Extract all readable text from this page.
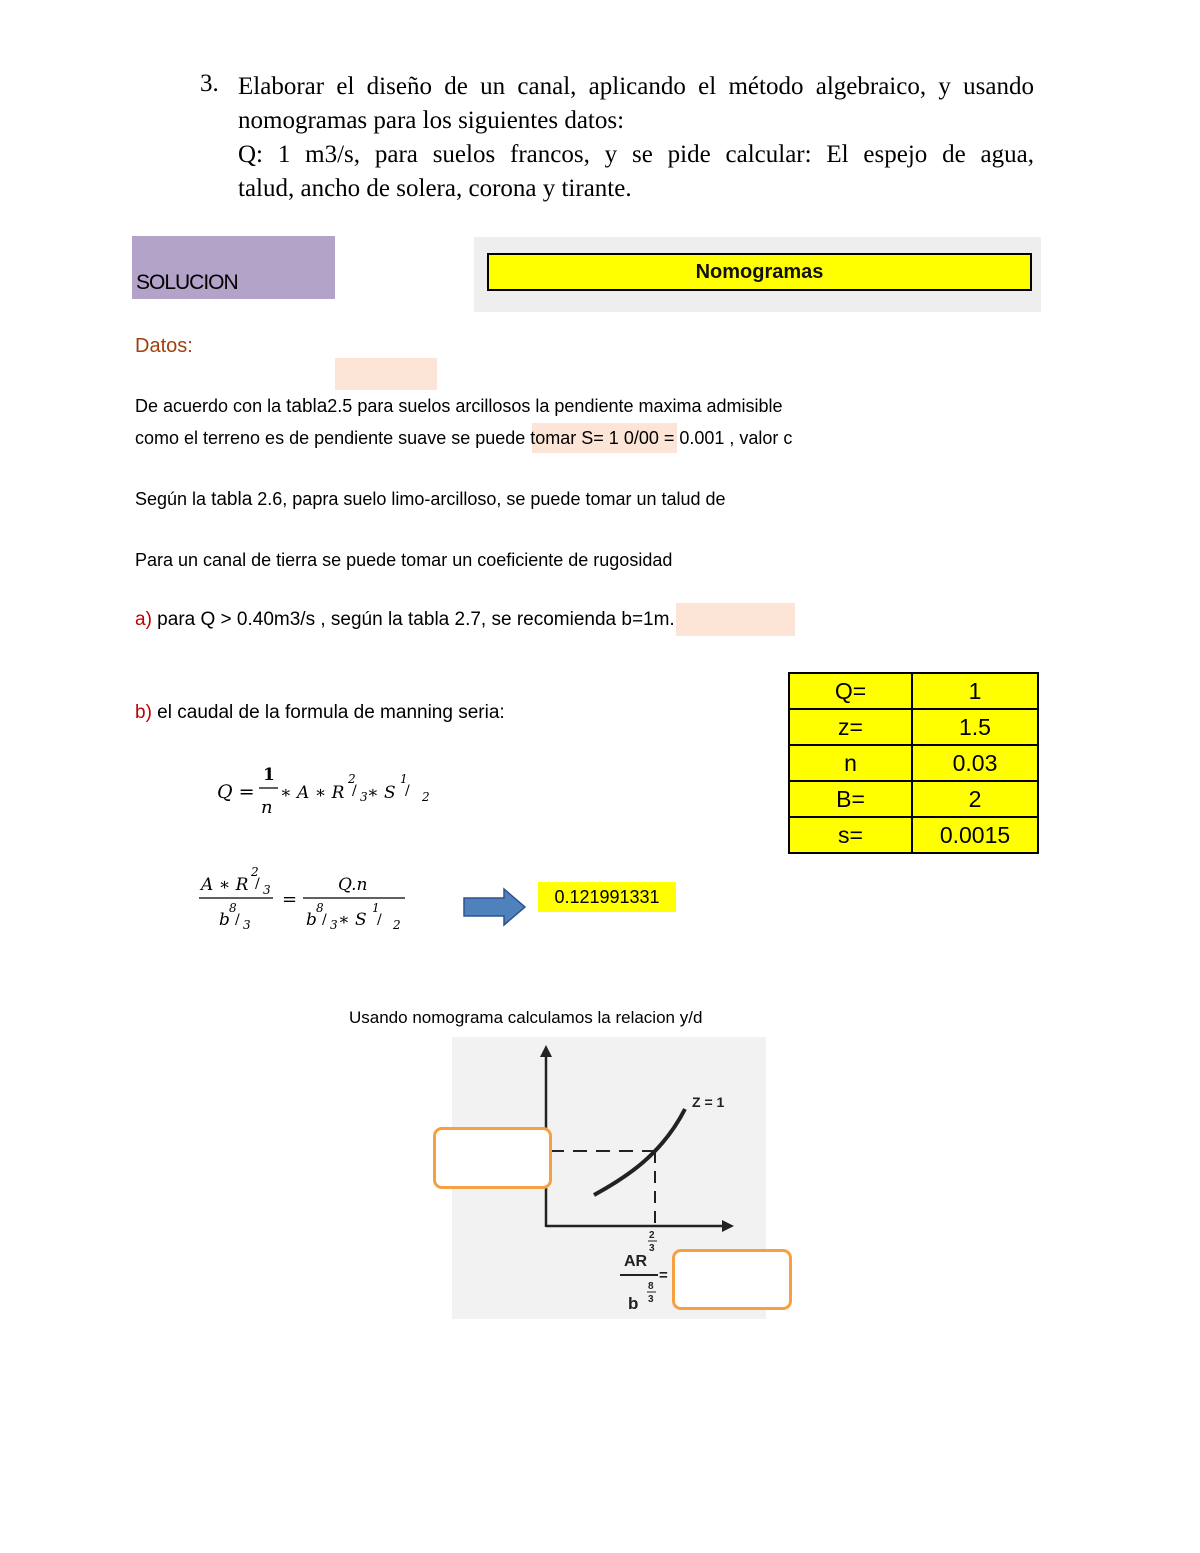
3. Elaborar el diseño de un canal, aplicando el método algebraico, y usando
nomogramas para los siguientes datos:
Q: 1 m3/s, para suelos francos, y se pide calcular: El espejo de agua,
talud, ancho de solera, corona y tirante.
SOLUCION	Nomogramas
Datos:
De acuerdo con la tabla2.5 para suelos arcillosos la pendiente maxima admisible
como el terreno es de pendiente suave se puede tomar S= 1 0/00 = 0.001 , valor c
Según la tabla 2.6, papra suelo limo-arcilloso, se puede tomar un talud de
Para un canal de tierra se puede tomar un coeficiente de rugosidad
a) para Q > 0.40m3/s , según la tabla 2.7, se recomienda b=1m.
b) el caudal de la formula de manning seria:
Q =
1
n
∗ A ∗ R
2
/ 3 ∗ S
1
/ 2
A ∗ R
2
/ 3
b
8
/ 3
=
Q.n
b
8
/ 3 ∗ S
1
/ 2
0.121991331
Q=	1
z=	1.5
n	0.03
B=	2
s=	0.0015
Usando nomograma calculamos la relacion y/d
Z = 1
2
3
AR
8
3
b
=
